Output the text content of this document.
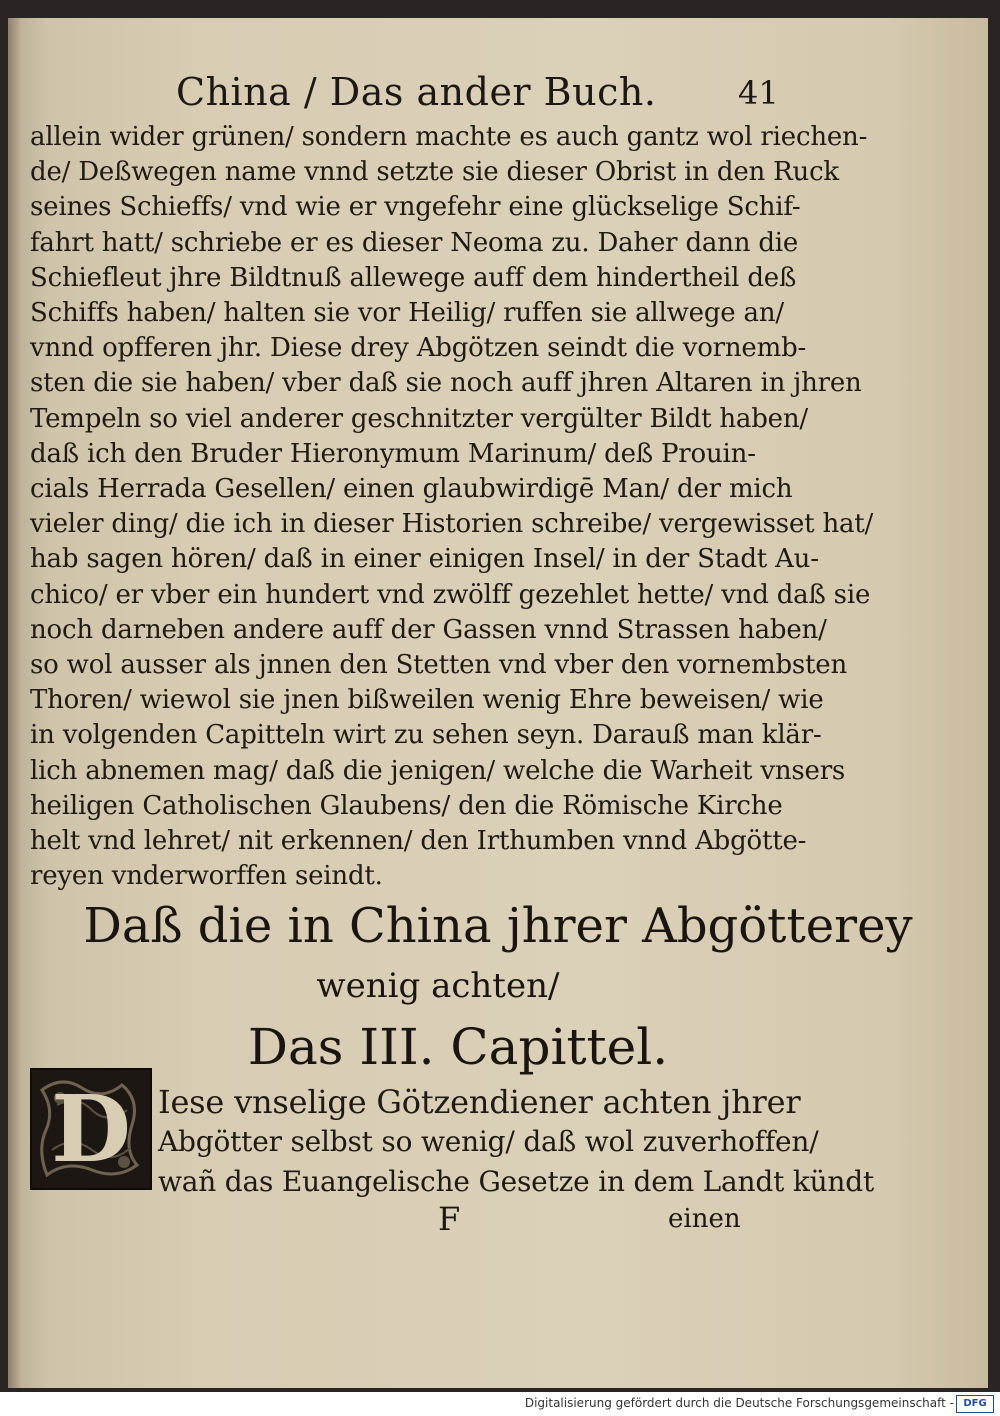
China / Das ander Buch.	41
allein wider grünen/ sondern machte es auch gantz wol riechen-
de/ Deßwegen name vnnd setzte sie dieser Obrist in den Ruck
seines Schieffs/ vnd wie er vngefehr eine glückselige Schif-
fahrt hatt/ schriebe er es dieser Neoma zu. Daher dann die
Schiefleut jhre Bildtnuß allewege auff dem hindertheil deß
Schiffs haben/ halten sie vor Heilig/ ruffen sie allwege an/
vnnd opfferen jhr. Diese drey Abgötzen seindt die vornemb-
sten die sie haben/ vber daß sie noch auff jhren Altaren in jhren
Tempeln so viel anderer geschnitzter vergülter Bildt haben/
daß ich den Bruder Hieronymum Marinum/ deß Prouin-
cials Herrada Gesellen/ einen glaubwirdigē Man/ der mich
vieler ding/ die ich in dieser Historien schreibe/ vergewisset hat/
hab sagen hören/ daß in einer einigen Insel/ in der Stadt Au-
chico/ er vber ein hundert vnd zwölff gezehlet hette/ vnd daß sie
noch darneben andere auff der Gassen vnnd Strassen haben/
so wol ausser als jnnen den Stetten vnd vber den vornembsten
Thoren/ wiewol sie jnen bißweilen wenig Ehre beweisen/ wie
in volgenden Capitteln wirt zu sehen seyn. Darauß man klär-
lich abnemen mag/ daß die jenigen/ welche die Warheit vnsers
heiligen Catholischen Glaubens/ den die Römische Kirche
helt vnd lehret/ nit erkennen/ den Irthumben vnnd Abgötte-
reyen vnderworffen seindt.
Daß die in China jhrer Abgötterey
wenig achten/
Das III. Capittel.
D Iese vnselige Götzendiener achten jhrer
Abgötter selbst so wenig/ daß wol zuverhoffen/
wañ das Euangelische Gesetze in dem Landt kündt
F	einen
Digitalisierung gefördert durch die Deutsche Forschungsgemeinschaft - DFG
